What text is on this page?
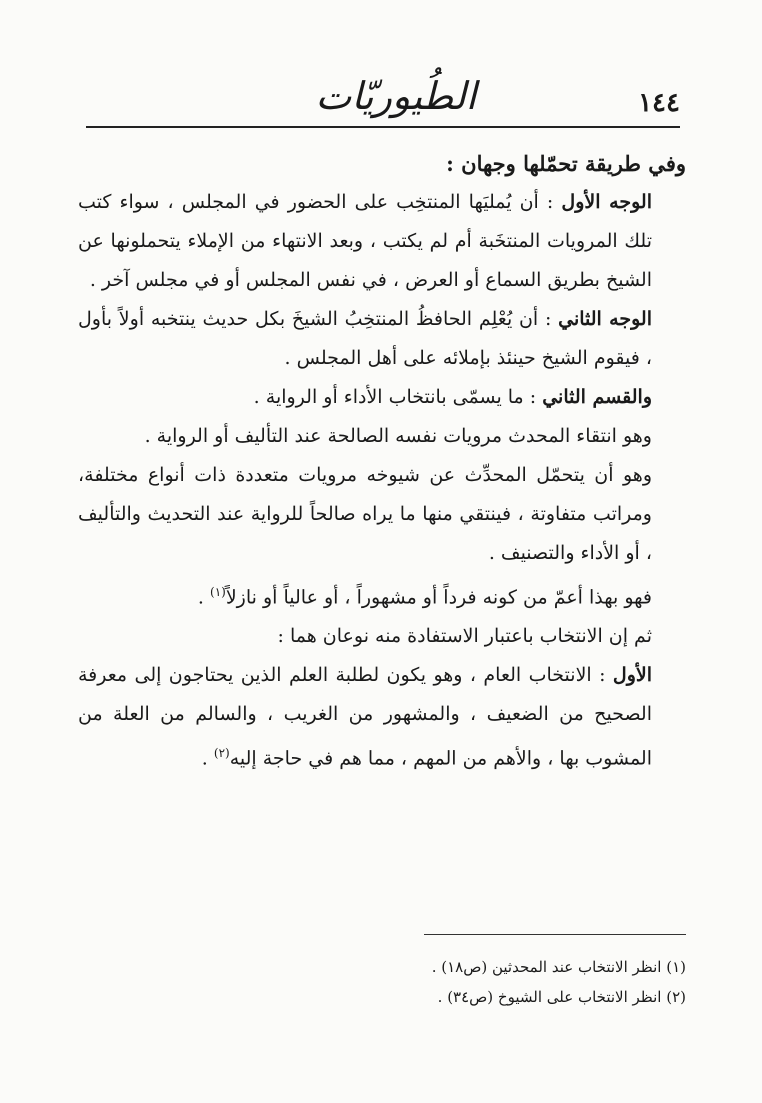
الطُيوريّات	١٤٤

وفي طريقة تحمّلها وجهان :

الوجه الأول : أن يُمليَها المنتخِب على الحضور في المجلس ، سواء كتب تلك المرويات المنتخَبة أم لم يكتب ، وبعد الانتهاء من الإملاء يتحملونها عن الشيخ بطريق السماع أو العرض ، في نفس المجلس أو في مجلس آخر .

الوجه الثاني : أن يُعْلِم الحافظُ المنتخِبُ الشيخَ بكل حديث ينتخبه أولاً بأول ، فيقوم الشيخ حينئذ بإملائه على أهل المجلس .

والقسم الثاني : ما يسمّى بانتخاب الأداء أو الرواية .

وهو انتقاء المحدث مرويات نفسه الصالحة عند التأليف أو الرواية .

وهو أن يتحمّل المحدِّث عن شيوخه مرويات متعددة ذات أنواع مختلفة، ومراتب متفاوتة ، فينتقي منها ما يراه صالحاً للرواية عند التحديث والتأليف ، أو الأداء والتصنيف .

فهو بهذا أعمّ من كونه فرداً أو مشهوراً ، أو عالياً أو نازلاً$^{(١)}$ .

ثم إن الانتخاب باعتبار الاستفادة منه نوعان هما :

الأول : الانتخاب العام ، وهو يكون لطلبة العلم الذين يحتاجون إلى معرفة الصحيح من الضعيف ، والمشهور من الغريب ، والسالم من العلة من المشوب بها ، والأهم من المهم ، مما هم في حاجة إليه$^{(٢)}$ .

(١) انظر الانتخاب عند المحدثين (ص١٨) .

(٢) انظر الانتخاب على الشيوخ (ص٣٤) .
